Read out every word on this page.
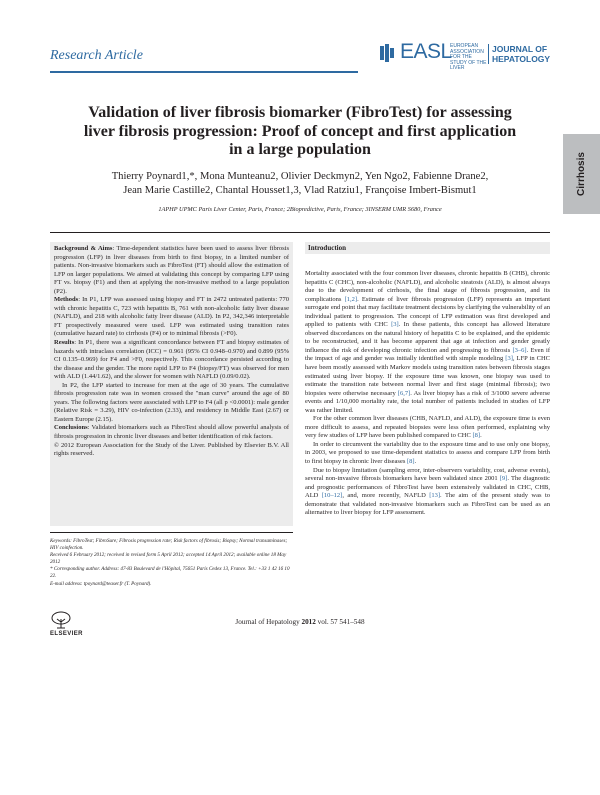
Research Article	EASL
EUROPEAN ASSOCIATION FOR THE STUDY OF THE LIVER
JOURNAL OF
HEPATOLOGY
Cirrhosis
Validation of liver fibrosis biomarker (FibroTest) for assessing
liver fibrosis progression: Proof of concept and first application
in a large population
Thierry Poynard1,*, Mona Munteanu2, Olivier Deckmyn2, Yen Ngo2, Fabienne Drane2,
Jean Marie Castille2, Chantal Housset1,3, Vlad Ratziu1, Françoise Imbert-Bismut1
1APHP UPMC Paris Liver Center, Paris, France; 2Biopredictive, Paris, France; 3INSERM UMR S680, France

Background & Aims: Time-dependent statistics have been used to assess liver fibrosis progression (LFP) in liver diseases from birth to first biopsy, in a limited number of patients. Non-invasive biomarkers such as FibroTest (FT) should allow the estimation of LFP on larger populations. We aimed at validating this concept by comparing LFP using FT vs. biopsy (F1) and then at applying the non-invasive method to a large population (P2).

Methods: In P1, LFP was assessed using biopsy and FT in 2472 untreated patients: 770 with chronic hepatitis C, 723 with hepatitis B, 761 with non-alcoholic fatty liver disease (NAFLD), and 218 with alcoholic fatty liver disease (ALD). In P2, 342,346 interpretable FT prospectively measured were used. LFP was estimated using transition rates (cumulative hazard rate) to cirrhosis (F4) or to minimal fibrosis (>F0).

Results: In P1, there was a significant concordance between FT and biopsy estimates of hazards with intraclass correlation (ICC) = 0.961 (95% CI 0.948–0.970) and 0.899 (95% CI 0.135–0.969) for F4 and >F0, respectively. This concordance persisted according to the disease and the gender. The more rapid LFP to F4 (biopsy/FT) was observed for men with ALD (1.44/1.62), and the slower for women with NAFLD (0.09/0.02).

In P2, the LFP started to increase for men at the age of 30 years. The cumulative fibrosis progression rate was in women crossed the "man curve" around the age of 80 years. The following factors were associated with LFP to F4 (all p <0.0001): male gender (Relative Risk = 3.29), HIV co-infection (2.33), and residency in Middle East (2.67) or Eastern Europe (2.15).

Conclusions: Validated biomarkers such as FibroTest should allow powerful analysis of fibrosis progression in chronic liver diseases and better identification of risk factors.

© 2012 European Association for the Study of the Liver. Published by Elsevier B.V. All rights reserved.

Introduction

Mortality associated with the four common liver diseases, chronic hepatitis B (CHB), chronic hepatitis C (CHC), non-alcoholic (NAFLD), and alcoholic steatosis (ALD), is almost always due to the development of cirrhosis, the final stage of fibrosis progression, and its complications [1,2]. Estimate of liver fibrosis progression (LFP) represents an important surrogate end point that may facilitate treatment decisions by clarifying the vulnerability of an individual patient to progression. The concept of LFP estimation was first developed and applied to patients with CHC [3]. In these patients, this concept has allowed literature observed discordances on the natural history of hepatitis C to be explained, and the epidemic to be reconstructed, and it has become apparent that age at infection and gender greatly influence the risk of developing chronic infection and progressing to fibrosis [3–6]. Even if the impact of age and gender was initially identified with simple modeling [3], LFP in CHC have been mostly assessed with Markov models using transition rates between fibrosis stages estimated using liver biopsy. If the exposure time was known, one biopsy was used to estimate the transition rate between normal liver and first stage (minimal fibrosis); two biopsies were otherwise necessary [6,7]. As liver biopsy has a risk of 3/1000 severe adverse events and 1/10,000 mortality rate, the total number of patients included in studies of LFP was rather limited.

For the other common liver diseases (CHB, NAFLD, and ALD), the exposure time is even more difficult to assess, and repeated biopsies were less often performed, explaining why very few studies of LFP have been published compared to CHC [8].

In order to circumvent the variability due to the exposure time and to use only one biopsy, in 2003, we proposed to use time-dependent statistics to assess and compare LFP from birth to first biopsy in chronic liver diseases [8].

Due to biopsy limitation (sampling error, inter-observers variability, cost, adverse events), several non-invasive fibrosis biomarkers have been validated since 2001 [9]. The diagnostic and prognostic performances of FibroTest have been extensively validated in CHC, CHB, ALD [10–12], and, more recently, NAFLD [13]. The aim of the present study was to demonstrate that validated non-invasive biomarkers such as FibroTest can be used as an alternative to liver biopsy for LFP assessment.

Keywords: FibroTest; FibroSure; Fibrosis progression rate; Risk factors of fibrosis; Biopsy; Normal transaminases; HIV coinfection.

Received 6 February 2012; received in revised form 5 April 2012; accepted 14 April 2012; available online 18 May 2012

* Corresponding author. Address: 47-83 Boulevard de l'Hôpital, 75651 Paris Cedex 13, France. Tel.: +33 1 42 16 10 22.

E-mail address: tpoynard@teaser.fr (T. Poynard).

Journal of Hepatology 2012 vol. 57 541–548
ELSEVIER
